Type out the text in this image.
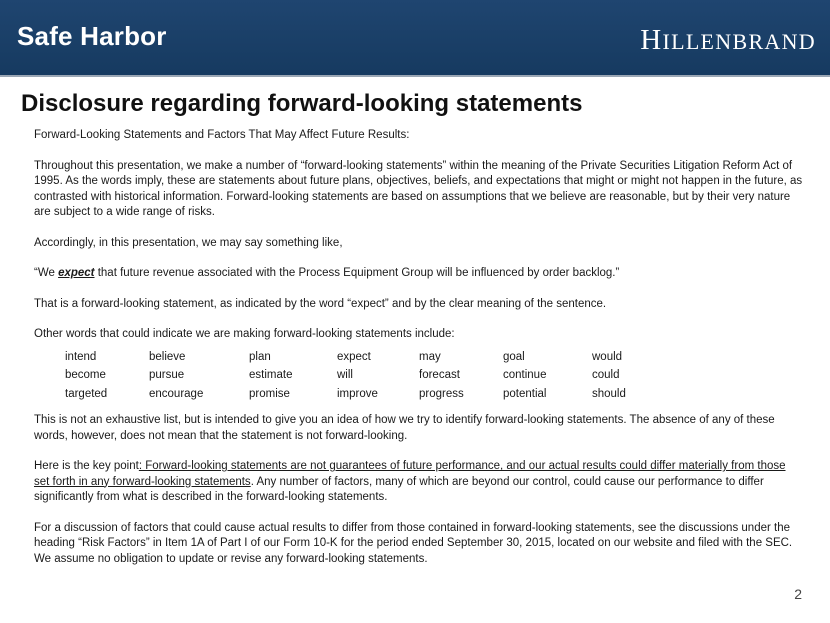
Safe Harbor	HILLENBRAND
Disclosure regarding forward-looking statements

Forward-Looking Statements and Factors That May Affect Future Results:

Throughout this presentation, we make a number of “forward-looking statements” within the meaning of the Private Securities Litigation Reform Act of 1995. As the words imply, these are statements about future plans, objectives, beliefs, and expectations that might or might not happen in the future, as contrasted with historical information. Forward-looking statements are based on assumptions that we believe are reasonable, but by their very nature are subject to a wide range of risks.

Accordingly, in this presentation, we may say something like,

“We expect that future revenue associated with the Process Equipment Group will be influenced by order backlog.”

That is a forward-looking statement, as indicated by the word “expect” and by the clear meaning of the sentence.

Other words that could indicate we are making forward-looking statements include:

intend	believe	plan	expect	may	goal	would
become	pursue	estimate	will	forecast	continue	could
targeted	encourage	promise	improve	progress	potential	should

This is not an exhaustive list, but is intended to give you an idea of how we try to identify forward-looking statements. The absence of any of these words, however, does not mean that the statement is not forward-looking.

Here is the key point: Forward-looking statements are not guarantees of future performance, and our actual results could differ materially from those set forth in any forward-looking statements. Any number of factors, many of which are beyond our control, could cause our performance to differ significantly from what is described in the forward-looking statements.

For a discussion of factors that could cause actual results to differ from those contained in forward-looking statements, see the discussions under the heading “Risk Factors” in Item 1A of Part I of our Form 10-K for the period ended September 30, 2015, located on our website and filed with the SEC. We assume no obligation to update or revise any forward-looking statements.

2
